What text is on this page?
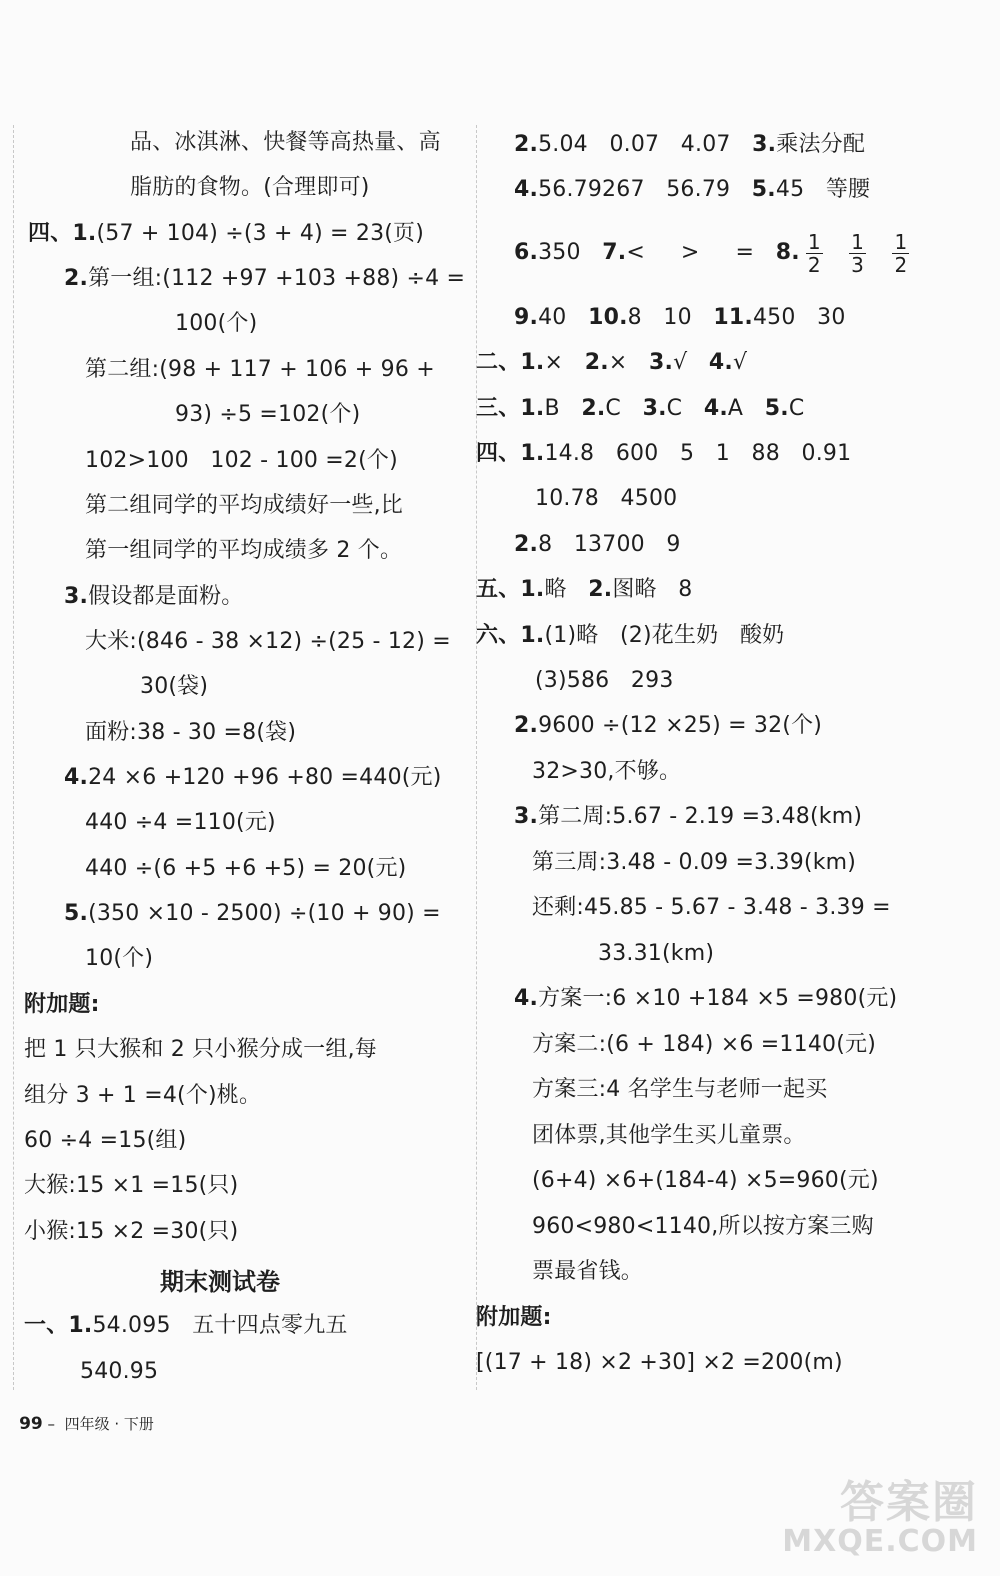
期末测试卷
6.350   7.<     >     =   8. $\frac{1}{2}$
$\frac{1}{3}$
$\frac{1}{2}$

99 –  四年级 · 下册

答案圈
MXQE.COM
品、冰淇淋、快餐等高热量、高
脂肪的食物。(合理即可)
四、1.(57 + 104) ÷(3 + 4) = 23(页)
2.第一组:(112 +97 +103 +88) ÷4 =
100(个)
第二组:(98 + 117 + 106 + 96 +
93) ÷5 =102(个)
102>100   102 - 100 =2(个)
第二组同学的平均成绩好一些,比
第一组同学的平均成绩多 2 个。
3.假设都是面粉。
大米:(846 - 38 ×12) ÷(25 - 12) =
30(袋)
面粉:38 - 30 =8(袋)
4.24 ×6 +120 +96 +80 =440(元)
440 ÷4 =110(元)
440 ÷(6 +5 +6 +5) = 20(元)
5.(350 ×10 - 2500) ÷(10 + 90) =
10(个)
附加题:
把 1 只大猴和 2 只小猴分成一组,每
组分 3 + 1 =4(个)桃。
60 ÷4 =15(组)
大猴:15 ×1 =15(只)
小猴:15 ×2 =30(只)
一、1.54.095   五十四点零九五
540.95
2.5.04   0.07   4.07   3.乘法分配
4.56.79267   56.79   5.45   等腰
9.40   10.8   10   11.450   30
二、1.×   2.×   3.√   4.√
三、1.B   2.C   3.C   4.A   5.C
四、1.14.8   600   5   1   88   0.91
10.78   4500
2.8   13700   9
五、1.略   2.图略   8
六、1.(1)略   (2)花生奶   酸奶
(3)586   293
2.9600 ÷(12 ×25) = 32(个)
32>30,不够。
3.第二周:5.67 - 2.19 =3.48(km)
第三周:3.48 - 0.09 =3.39(km)
还剩:45.85 - 5.67 - 3.48 - 3.39 =
33.31(km)
4.方案一:6 ×10 +184 ×5 =980(元)
方案二:(6 + 184) ×6 =1140(元)
方案三:4 名学生与老师一起买
团体票,其他学生买儿童票。
(6+4) ×6+(184-4) ×5=960(元)
960<980<1140,所以按方案三购
票最省钱。
附加题:
[(17 + 18) ×2 +30] ×2 =200(m)
